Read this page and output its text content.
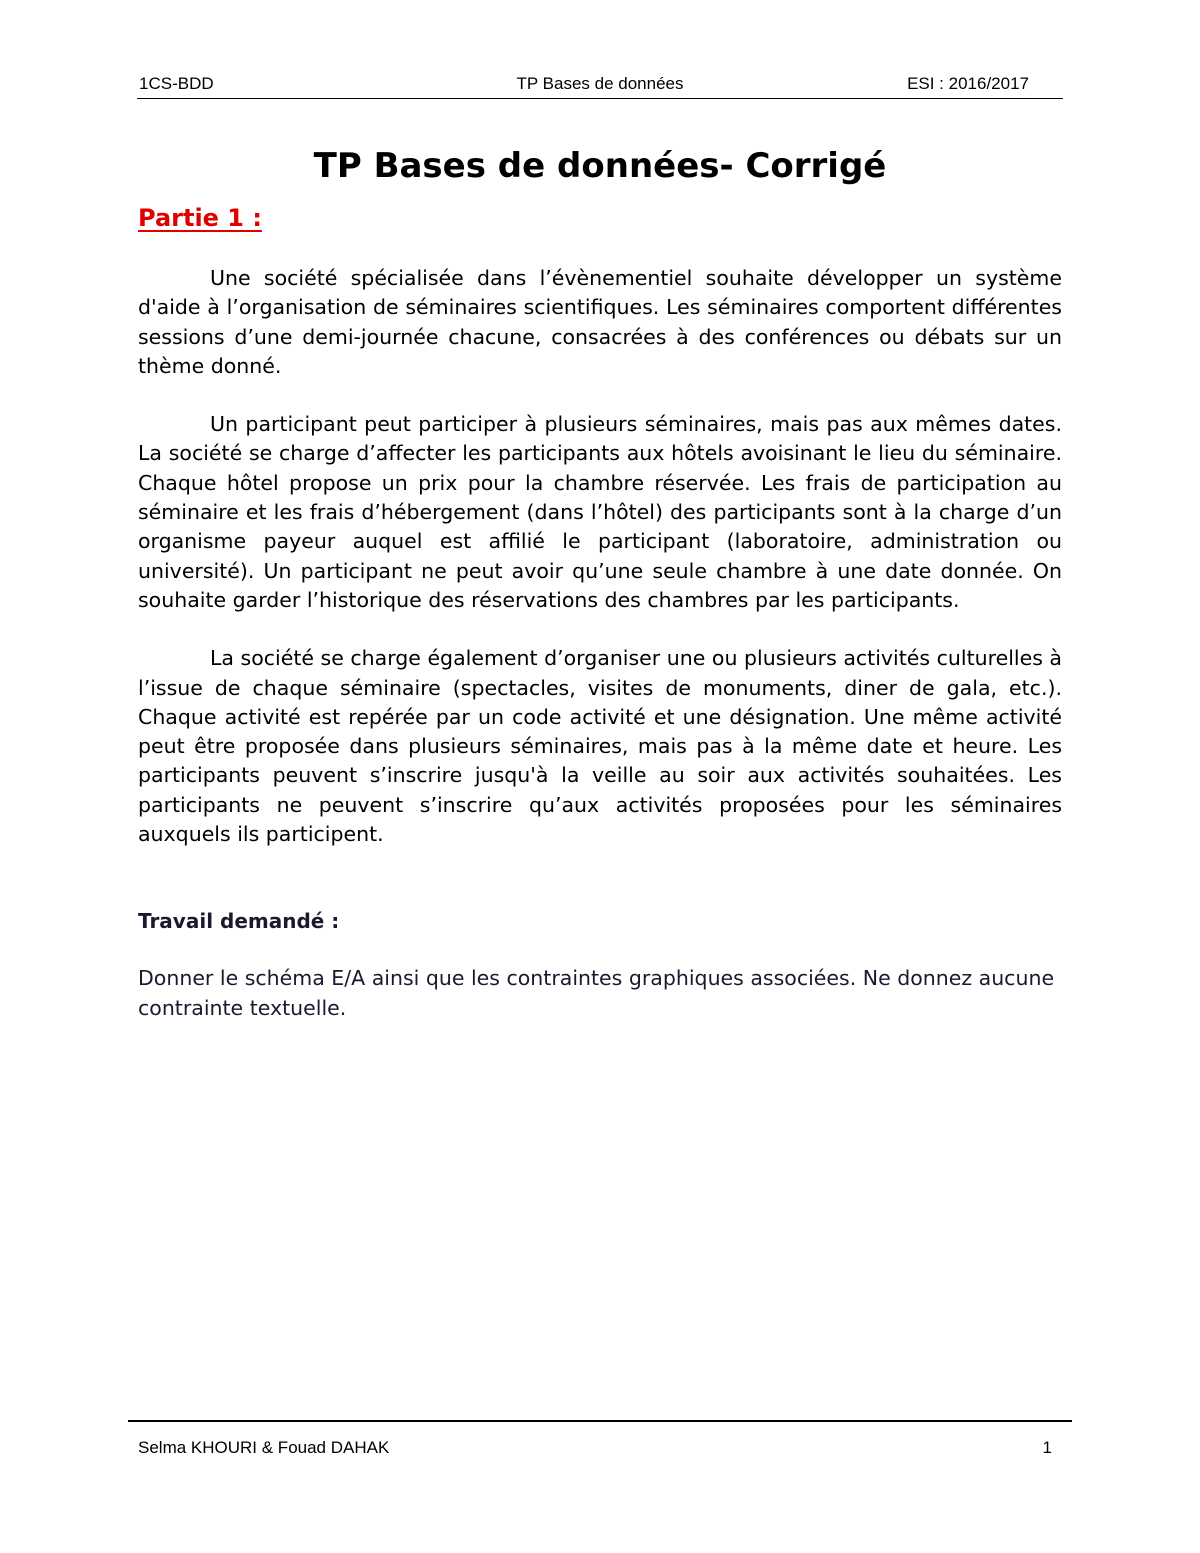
1CS-BDD	TP Bases de données	ESI : 2016/2017
TP Bases de données- Corrigé
Partie 1 :

Une société spécialisée dans l’évènementiel souhaite développer un système d'aide à l’organisation de séminaires scientifiques. Les séminaires comportent différentes sessions d’une demi-journée chacune, consacrées à des conférences ou débats sur un thème donné.

Un participant peut participer à plusieurs séminaires, mais pas aux mêmes dates. La société se charge d’affecter les participants aux hôtels avoisinant le lieu du séminaire. Chaque hôtel propose un prix pour la chambre réservée. Les frais de participation au séminaire et les frais d’hébergement (dans l’hôtel) des participants sont à la charge d’un organisme payeur auquel est affilié le participant (laboratoire, administration ou université). Un participant ne peut avoir qu’une seule chambre à une date donnée. On souhaite garder l’historique des réservations des chambres par les participants.

La société se charge également d’organiser une ou plusieurs activités culturelles à l’issue de chaque séminaire (spectacles, visites de monuments, diner de gala, etc.). Chaque activité est repérée par un code activité et une désignation. Une même activité peut être proposée dans plusieurs séminaires, mais pas à la même date et heure. Les participants peuvent s’inscrire jusqu'à la veille au soir aux activités souhaitées. Les participants ne peuvent s’inscrire qu’aux activités proposées pour les séminaires auxquels ils participent.

Travail demandé :

Donner le schéma E/A ainsi que les contraintes graphiques associées. Ne donnez aucune contrainte textuelle.

Selma KHOURI & Fouad DAHAK	1
